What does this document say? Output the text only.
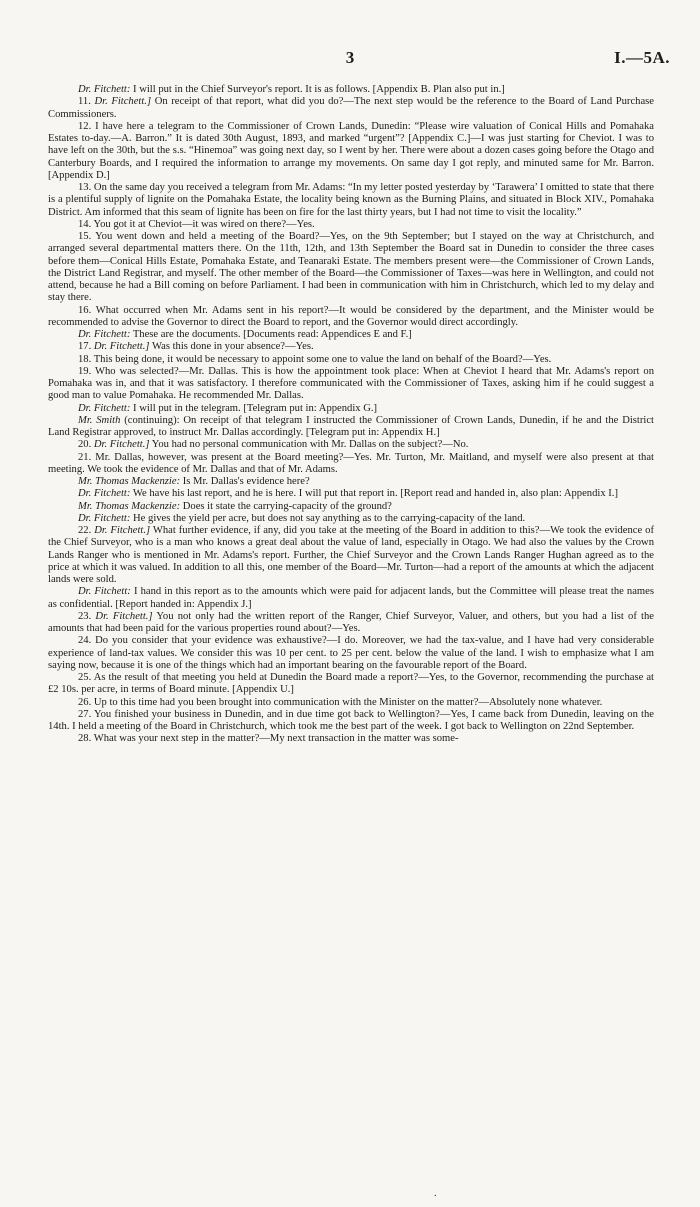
3	I.—5A.

Dr. Fitchett: I will put in the Chief Surveyor's report. It is as follows. [Appendix B. Plan also put in.]

11. Dr. Fitchett.] On receipt of that report, what did you do?—The next step would be the reference to the Board of Land Purchase Commissioners.

12. I have here a telegram to the Commissioner of Crown Lands, Dunedin: “Please wire valuation of Conical Hills and Pomahaka Estates to-day.—A. Barron.” It is dated 30th August, 1893, and marked “urgent”? [Appendix C.]—I was just starting for Cheviot. I was to have left on the 30th, but the s.s. “Hinemoa” was going next day, so I went by her. There were about a dozen cases going before the Otago and Canterbury Boards, and I required the information to arrange my movements. On same day I got reply, and minuted same for Mr. Barron. [Appendix D.]

13. On the same day you received a telegram from Mr. Adams: “In my letter posted yesterday by ‘Tarawera’ I omitted to state that there is a plentiful supply of lignite on the Pomahaka Estate, the locality being known as the Burning Plains, and situated in Block XIV., Pomahaka District. Am informed that this seam of lignite has been on fire for the last thirty years, but I had not time to visit the locality.”

14. You got it at Cheviot—it was wired on there?—Yes.

15. You went down and held a meeting of the Board?—Yes, on the 9th September; but I stayed on the way at Christchurch, and arranged several departmental matters there. On the 11th, 12th, and 13th September the Board sat in Dunedin to consider the three cases before them—Conical Hills Estate, Pomahaka Estate, and Teanaraki Estate. The members present were—the Commissioner of Crown Lands, the District Land Registrar, and myself. The other member of the Board—the Commissioner of Taxes—was here in Wellington, and could not attend, because he had a Bill coming on before Parliament. I had been in communication with him in Christchurch, which led to my delay and stay there.

16. What occurred when Mr. Adams sent in his report?—It would be considered by the department, and the Minister would be recommended to advise the Governor to direct the Board to report, and the Governor would direct accordingly.

Dr. Fitchett: These are the documents. [Documents read: Appendices E and F.]

17. Dr. Fitchett.] Was this done in your absence?—Yes.

18. This being done, it would be necessary to appoint some one to value the land on behalf of the Board?—Yes.

19. Who was selected?—Mr. Dallas. This is how the appointment took place: When at Cheviot I heard that Mr. Adams's report on Pomahaka was in, and that it was satisfactory. I therefore communicated with the Commissioner of Taxes, asking him if he could suggest a good man to value Pomahaka. He recommended Mr. Dallas.

Dr. Fitchett: I will put in the telegram. [Telegram put in: Appendix G.]

Mr. Smith (continuing): On receipt of that telegram I instructed the Commissioner of Crown Lands, Dunedin, if he and the District Land Registrar approved, to instruct Mr. Dallas accordingly. [Telegram put in: Appendix H.]

20. Dr. Fitchett.] You had no personal communication with Mr. Dallas on the subject?—No.

21. Mr. Dallas, however, was present at the Board meeting?—Yes. Mr. Turton, Mr. Maitland, and myself were also present at that meeting. We took the evidence of Mr. Dallas and that of Mr. Adams.

Mr. Thomas Mackenzie: Is Mr. Dallas's evidence here?

Dr. Fitchett: We have his last report, and he is here. I will put that report in. [Report read and handed in, also plan: Appendix I.]

Mr. Thomas Mackenzie: Does it state the carrying-capacity of the ground?

Dr. Fitchett: He gives the yield per acre, but does not say anything as to the carrying-capacity of the land.

22. Dr. Fitchett.] What further evidence, if any, did you take at the meeting of the Board in addition to this?—We took the evidence of the Chief Surveyor, who is a man who knows a great deal about the value of land, especially in Otago. We had also the values by the Crown Lands Ranger who is mentioned in Mr. Adams's report. Further, the Chief Surveyor and the Crown Lands Ranger Hughan agreed as to the price at which it was valued. In addition to all this, one member of the Board—Mr. Turton—had a report of the amounts at which the adjacent lands were sold.

Dr. Fitchett: I hand in this report as to the amounts which were paid for adjacent lands, but the Committee will please treat the names as confidential. [Report handed in: Appendix J.]

23. Dr. Fitchett.] You not only had the written report of the Ranger, Chief Surveyor, Valuer, and others, but you had a list of the amounts that had been paid for the various properties round about?—Yes.

24. Do you consider that your evidence was exhaustive?—I do. Moreover, we had the tax-value, and I have had very considerable experience of land-tax values. We consider this was 10 per cent. to 25 per cent. below the value of the land. I wish to emphasize what I am saying now, because it is one of the things which had an important bearing on the favourable report of the Board.

25. As the result of that meeting you held at Dunedin the Board made a report?—Yes, to the Governor, recommending the purchase at £2 10s. per acre, in terms of Board minute. [Appendix U.]

26. Up to this time had you been brought into communication with the Minister on the matter?—Absolutely none whatever.

27. You finished your business in Dunedin, and in due time got back to Wellington?—Yes, I came back from Dunedin, leaving on the 14th. I held a meeting of the Board in Christchurch, which took me the best part of the week. I got back to Wellington on 22nd September.

28. What was your next step in the matter?—My next transaction in the matter was some-

.
